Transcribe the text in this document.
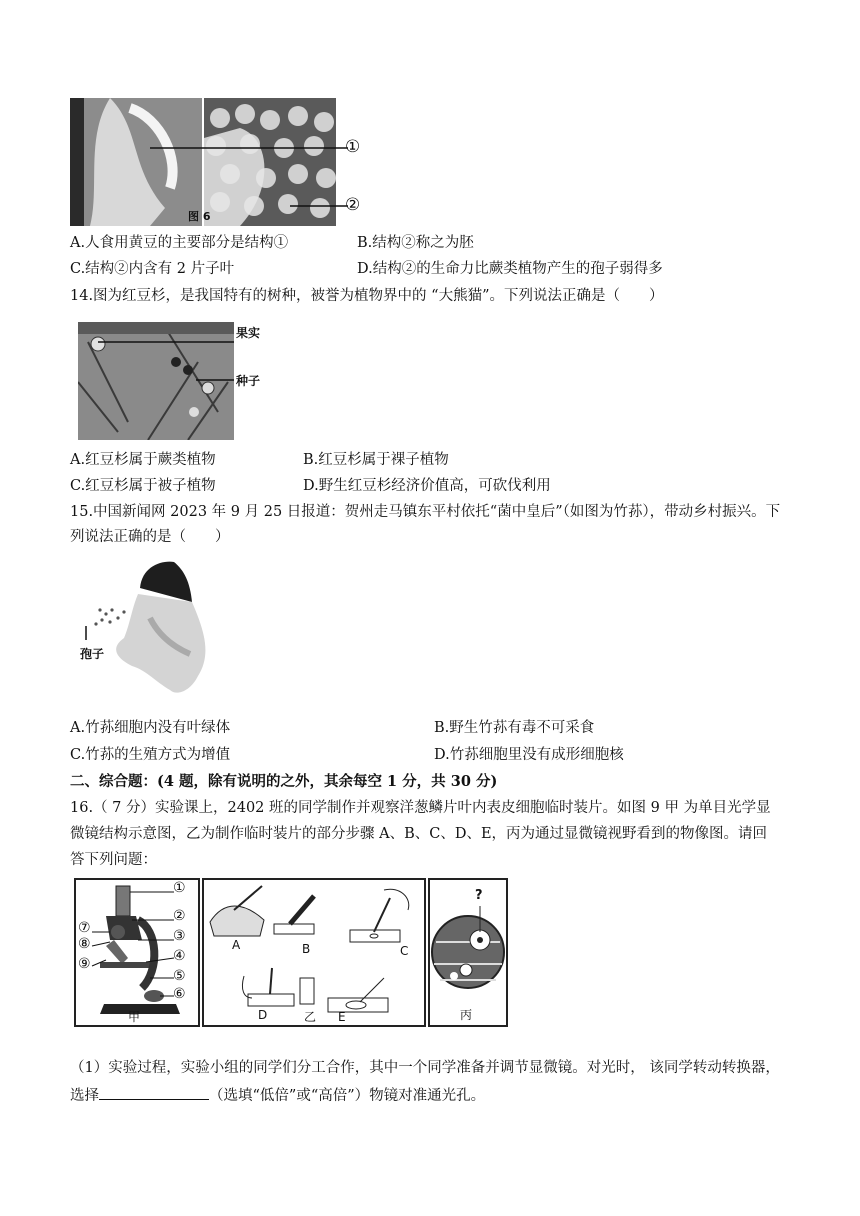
图 6
①
②
A.人食用黄豆的主要部分是结构①	B.结构②称之为胚
C.结构②内含有 2 片子叶	D.结构②的生命力比蕨类植物产生的孢子弱得多
14.图为红豆杉，是我国特有的树种，被誉为植物界中的 “大熊猫”。下列说法正确是（　　）
果实
种子
A.红豆杉属于蕨类植物	B.红豆杉属于裸子植物
C.红豆杉属于被子植物	D.野生红豆杉经济价值高，可砍伐利用
15.中国新闻网 2023 年 9 月 25 日报道：贺州走马镇东平村依托“菌中皇后”（如图为竹荪），带动乡村振兴。下
列说法正确的是（　　）
孢子
A.竹荪细胞内没有叶绿体	B.野生竹荪有毒不可采食
C.竹荪的生殖方式为增值	D.竹荪细胞里没有成形细胞核
二、综合题：(4 题，除有说明的之外，其余每空 1 分，共 30 分)
16.（ 7 分）实验课上，2402 班的同学制作并观察洋葱鳞片叶内表皮细胞临时装片。如图 9 甲 为单目光学显
微镜结构示意图，乙为制作临时装片的部分步骤 A、B、C、D、E，丙为通过显微镜视野看到的物像图。请回
答下列问题：
①
②
③
④
⑤
⑥
⑦
⑧
⑨
甲
A	B	C
D	E
乙
?
丙
（1）实验过程，实验小组的同学们分工合作，其中一个同学准备并调节显微镜。对光时， 该同学转动转换器，
选择	（选填“低倍”或“高倍”）物镜对准通光孔。
